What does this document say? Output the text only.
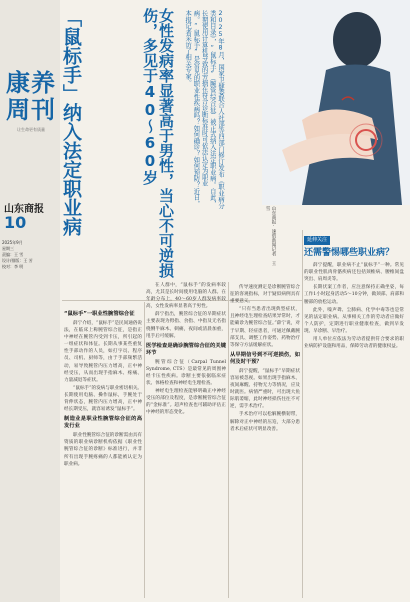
康养周刊
让生命更有质量
山东商报
10
2025年9月
星期三
责编：王 雪
设计/排版：王 芳
校对：李 明
「鼠标手」纳入法定职业病	女性发病率显著高于男性，当心不可逆损伤，多见于40～60岁	2025年8月，国家卫健委联合人社部等四部门修订发布《职业病分类和目录》，“鼠标手”（腕管综合征）被正式纳入法定职业病。自此，长期使用计算机导致的劳损在符合诊断标准时可依法认定为职业病。“鼠标手”是常见的职业性疾病吗？如何确诊？如何预防？近日，本报记者采访了相关专家。

山东商报·速豹新闻记者 王雪
“鼠标手”一职业性腕管综合征

薛宁介绍，“鼠标手”是民间通俗说法，在临床上称腕管综合征，是指正中神经在腕管内受到卡压，所引起的一组症状和体征。长期从事某些重复性手部动作的人员，如打字员、程序员、司机、厨师等，由于手部频繁活动，易导致腕管内压力增高，正中神经受压，从而出现手指麻木、疼痛、力量减退等症状。

“鼠标手”的发病与职业密切相关。长期使用电脑、操作鼠标，手腕处于背伸状态，腕管内压力增高，正中神经长期受压，就容易诱发“鼠标手”。

制造业是职业性腕管综合征的高发行业

职业性腕管综合征的诊断需由具有资质的职业病诊断机构依据《职业性腕管综合征的诊断》标准进行，并非所有出现手腕疼痛的人都能被认定为职业病。

在人群中，“鼠标手”的发病率较高，尤其是长时间使用电脑的人群。在年龄分布上，40～60岁人群发病率较高，女性发病率显著高于男性。

薛宁指出，腕管综合征的早期症状主要表现为拇指、食指、中指及无名指桡侧半麻木、刺痛，夜间或清晨加重，甩手后可缓解。

医学检查是确诊腕管综合征的关键环节

腕管综合征（Carpal Tunnel Syndrome, CTS）是最常见的周围神经卡压性疾病。诊断主要依据临床症状、体格检查和神经电生理检查。

神经电生理检查能够明确正中神经受压的部位及程度，是诊断腕管综合征的“金标准”。超声检查也可辅助评估正中神经的形态变化。

传导速度测定是诊断腕管综合征的客观指标，对于疑似病例具有重要意义。

“只有当患者出现典型症状，且神经电生理检查结果异常时，才能确诊为腕管综合征。”薛宁说，对于早期、轻症患者，可通过佩戴腕部支具、调整工作姿势、药物治疗等保守方法缓解症状。

从早期信号到不可逆损伤，如何及时干预？

薛宁提醒，“鼠标手”早期症状容易被忽视。如果出现手指麻木、夜间麻醒、持物无力等情况，应及时就医。病情严重时，可出现大鱼际肌萎缩，此时神经损伤往往不可逆，需手术治疗。

手术治疗可以松解腕横韧带，解除对正中神经的压迫，大部分患者术后症状可明显改善。

延伸关注
还需警惕哪些职业病？

薛宁提醒，职业病不止“鼠标手”一种。常见的职业性肌肉骨骼疾病还包括颈椎病、腰椎间盘突出、肩周炎等。

长期伏案工作者，应注意保持正确坐姿，每工作1小时起身活动5～10分钟，做颈部、肩部和腰部的放松运动。

此外，噪声聋、尘肺病、化学中毒等也是常见的法定职业病。从事相关工作的劳动者应做好个人防护，定期进行职业健康检查，做到早发现、早诊断、早治疗。

用人单位应依法为劳动者提供符合要求的职业病防护设施和用品，保障劳动者的健康权益。
